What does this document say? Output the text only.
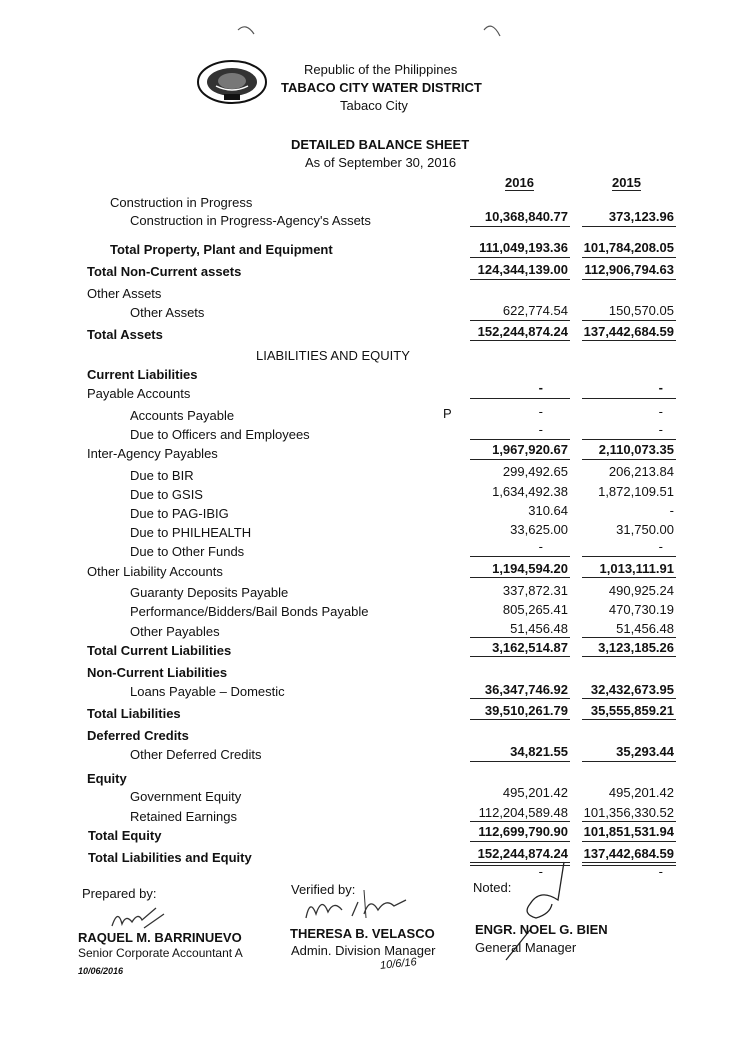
Republic of the Philippines
TABACO CITY WATER DISTRICT
Tabaco City
DETAILED BALANCE SHEET
As of September 30, 2016
2016	2015
Construction in Progress
Construction in Progress-Agency's Assets	10,368,840.77	373,123.96
Total Property, Plant and Equipment	111,049,193.36 101,784,208.05
Total Non-Current assets	124,344,139.00 112,906,794.63
Other Assets
Other Assets	622,774.54	150,570.05
Total Assets	152,244,874.24 137,442,684.59
LIABILITIES AND EQUITY
Current Liabilities
Payable Accounts	-	-
Accounts Payable	P	-	-
Due to Officers and Employees	-	-
Inter-Agency Payables	1,967,920.67 2,110,073.35
Due to BIR	299,492.65	206,213.84
Due to GSIS	1,634,492.38 1,872,109.51
Due to PAG-IBIG	310.64	-
Due to PHILHEALTH	33,625.00	31,750.00
Due to Other Funds	-	-
Other Liability Accounts	1,194,594.20 1,013,111.91
Guaranty Deposits Payable	337,872.31	490,925.24
Performance/Bidders/Bail Bonds Payable	805,265.41	470,730.19
Other Payables	51,456.48	51,456.48
Total Current Liabilities	3,162,514.87 3,123,185.26
Non-Current Liabilities
Loans Payable – Domestic	36,347,746.92 32,432,673.95
Total Liabilities	39,510,261.79 35,555,859.21
Deferred Credits
Other Deferred Credits	34,821.55	35,293.44
Equity
Government Equity	495,201.42	495,201.42
Retained Earnings	112,204,589.48 101,356,330.52
Total Equity	112,699,790.90 101,851,531.94
Total Liabilities and Equity	152,244,874.24 137,442,684.59
-	-
Prepared by:
RAQUEL M. BARRINUEVO
Senior Corporate Accountant A
10/06/2016
Verified by:
THERESA B. VELASCO
Admin. Division Manager
10/6/16
Noted:
ENGR. NOEL G. BIEN
General Manager
